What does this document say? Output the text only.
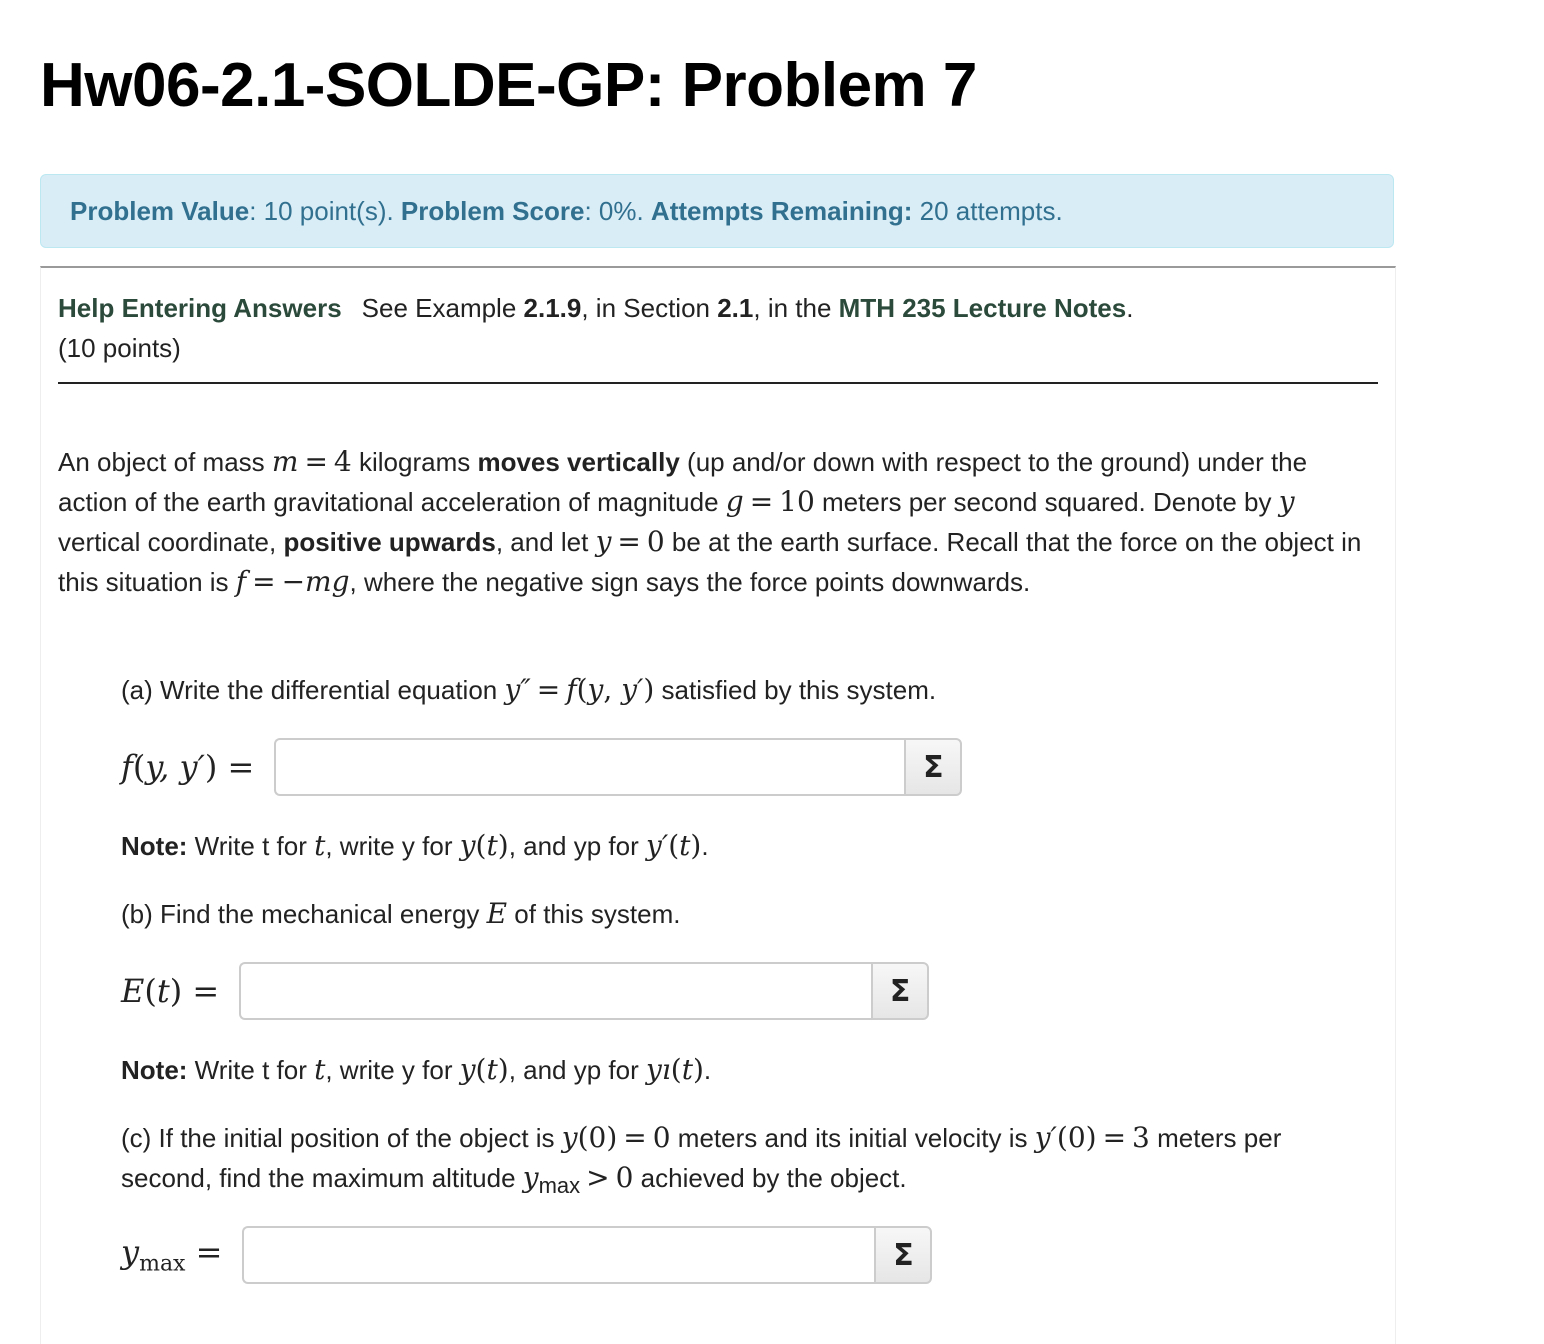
Hw06-2.1-SOLDE-GP: Problem 7
Problem Value : 10 point(s). Problem Score : 0%. Attempts Remaining: 20 attempts.
Help Entering Answers See Example 2.1.9, in Section 2.1, in the MTH 235 Lecture Notes.
(10 points)
An object of mass m = 4 kilograms moves vertically (up and/or down with respect to the ground) under the action of the earth gravitational acceleration of magnitude g = 10 meters per second squared. Denote by y vertical coordinate, positive upwards, and let y = 0 be at the earth surface. Recall that the force on the object in this situation is f = −mg, where the negative sign says the force points downwards.
(a) Write the differential equation y″ = f(y, y′) satisfied by this system.
f(y, y′) =	Σ
Note: Write t for t, write y for y(t), and yp for y′(t).
(b) Find the mechanical energy E of this system.
E(t) =	Σ
Note: Write t for t, write y for y(t), and yp for yı(t).
(c) If the initial position of the object is y(0) = 0 meters and its initial velocity is y′(0) = 3 meters per second, find the maximum altitude $y_{max} > 0$ achieved by the object.
$y_{max}$ =	Σ
